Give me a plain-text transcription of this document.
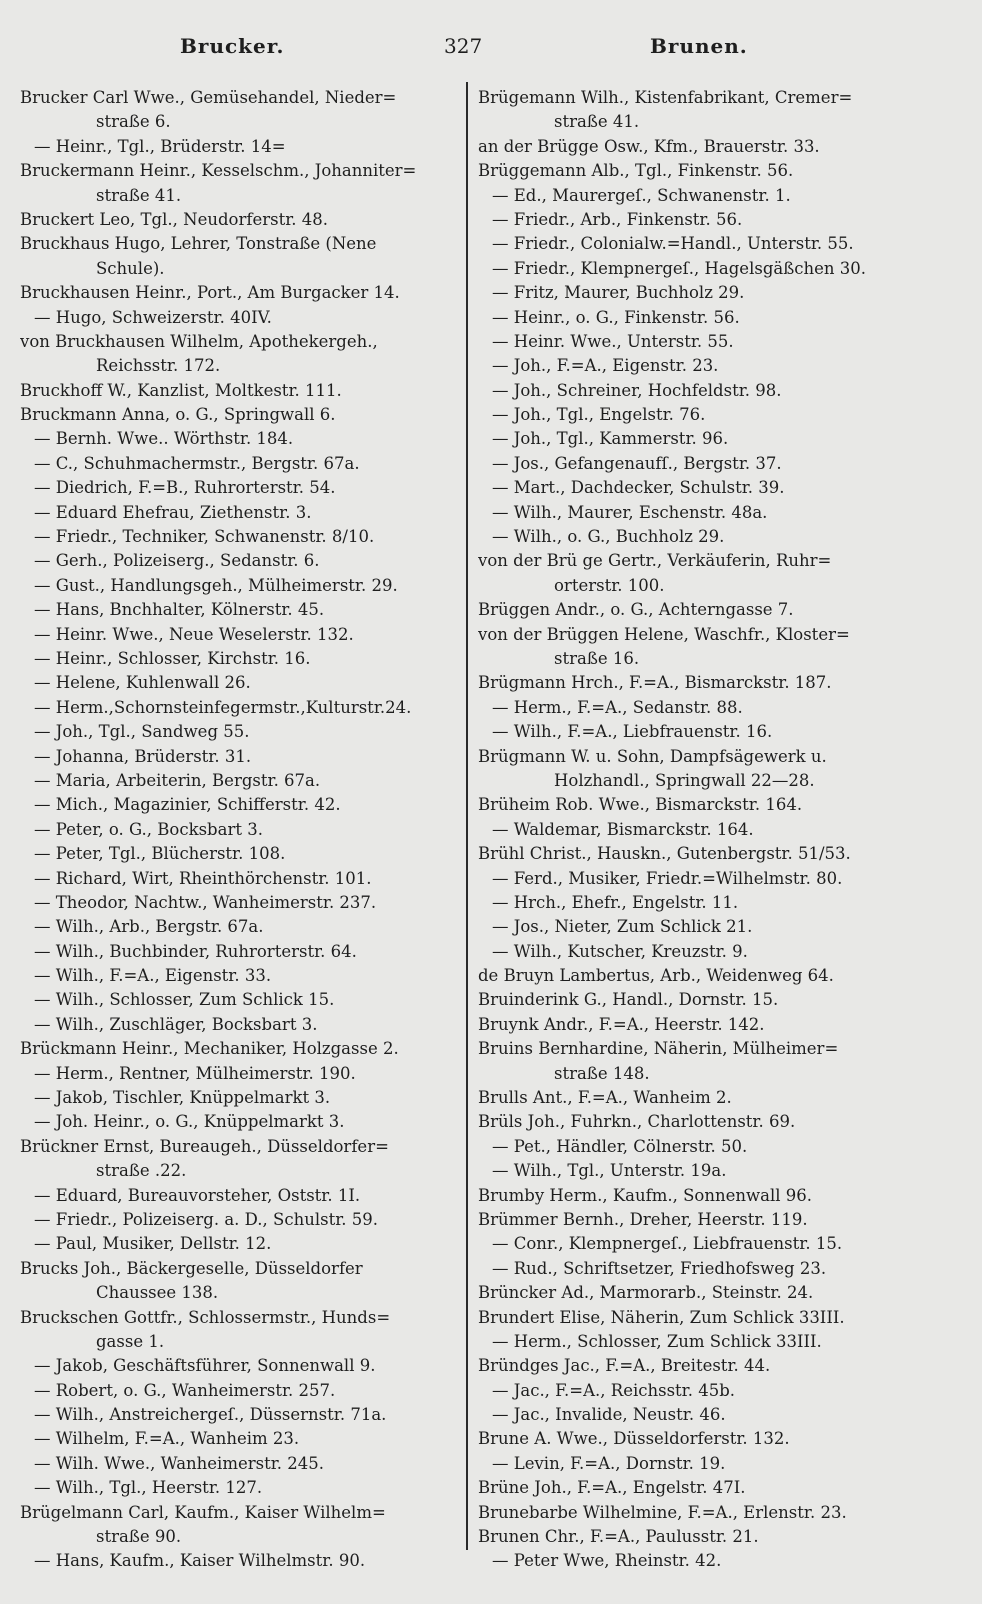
Brucker.	327	Brunen.
Brucker Carl Wwe., Gemüsehandel, Nieder=
straße 6.
— Heinr., Tgl., Brüderstr. 14=
Bruckermann Heinr., Kesselschm., Johanniter=
straße 41.
Bruckert Leo, Tgl., Neudorferstr. 48.
Bruckhaus Hugo, Lehrer, Tonstraße (Nene
Schule).
Bruckhausen Heinr., Port., Am Burgacker 14.
— Hugo, Schweizerstr. 40IV.
von Bruckhausen Wilhelm, Apothekergeh.,
Reichsstr. 172.
Bruckhoff W., Kanzlist, Moltkestr. 111.
Bruckmann Anna, o. G., Springwall 6.
— Bernh. Wwe.. Wörthstr. 184.
— C., Schuhmachermstr., Bergstr. 67a.
— Diedrich, F.=B., Ruhrorterstr. 54.
— Eduard Ehefrau, Ziethenstr. 3.
— Friedr., Techniker, Schwanenstr. 8/10.
— Gerh., Polizeiserg., Sedanstr. 6.
— Gust., Handlungsgeh., Mülheimerstr. 29.
— Hans, Bnchhalter, Kölnerstr. 45.
— Heinr. Wwe., Neue Weselerstr. 132.
— Heinr., Schlosser, Kirchstr. 16.
— Helene, Kuhlenwall 26.
— Herm.,Schornsteinfegermstr.,Kulturstr.24.
— Joh., Tgl., Sandweg 55.
— Johanna, Brüderstr. 31.
— Maria, Arbeiterin, Bergstr. 67a.
— Mich., Magazinier, Schifferstr. 42.
— Peter, o. G., Bocksbart 3.
— Peter, Tgl., Blücherstr. 108.
— Richard, Wirt, Rheinthörchenstr. 101.
— Theodor, Nachtw., Wanheimerstr. 237.
— Wilh., Arb., Bergstr. 67a.
— Wilh., Buchbinder, Ruhrorterstr. 64.
— Wilh., F.=A., Eigenstr. 33.
— Wilh., Schlosser, Zum Schlick 15.
— Wilh., Zuschläger, Bocksbart 3.
Brückmann Heinr., Mechaniker, Holzgasse 2.
— Herm., Rentner, Mülheimerstr. 190.
— Jakob, Tischler, Knüppelmarkt 3.
— Joh. Heinr., o. G., Knüppelmarkt 3.
Brückner Ernst, Bureaugeh., Düsseldorfer=
straße .22.
— Eduard, Bureauvorsteher, Oststr. 1I.
— Friedr., Polizeiserg. a. D., Schulstr. 59.
— Paul, Musiker, Dellstr. 12.
Brucks Joh., Bäckergeselle, Düsseldorfer
Chaussee 138.
Bruckschen Gottfr., Schlossermstr., Hunds=
gasse 1.
— Jakob, Geschäftsführer, Sonnenwall 9.
— Robert, o. G., Wanheimerstr. 257.
— Wilh., Anstreichergeſ., Düssernstr. 71a.
— Wilhelm, F.=A., Wanheim 23.
— Wilh. Wwe., Wanheimerstr. 245.
— Wilh., Tgl., Heerstr. 127.
Brügelmann Carl, Kaufm., Kaiser Wilhelm=
straße 90.
— Hans, Kaufm., Kaiser Wilhelmstr. 90.
Brügemann Wilh., Kistenfabrikant, Cremer=
straße 41.
an der Brügge Osw., Kfm., Brauerstr. 33.
Brüggemann Alb., Tgl., Finkenstr. 56.
— Ed., Maurergeſ., Schwanenstr. 1.
— Friedr., Arb., Finkenstr. 56.
— Friedr., Colonialw.=Handl., Unterstr. 55.
— Friedr., Klempnergeſ., Hagelsgäßchen 30.
— Fritz, Maurer, Buchholz 29.
— Heinr., o. G., Finkenstr. 56.
— Heinr. Wwe., Unterstr. 55.
— Joh., F.=A., Eigenstr. 23.
— Joh., Schreiner, Hochfeldstr. 98.
— Joh., Tgl., Engelstr. 76.
— Joh., Tgl., Kammerstr. 96.
— Jos., Gefangenaufſ., Bergstr. 37.
— Mart., Dachdecker, Schulstr. 39.
— Wilh., Maurer, Eschenstr. 48a.
— Wilh., o. G., Buchholz 29.
von der Brü ge Gertr., Verkäuferin, Ruhr=
orterstr. 100.
Brüggen Andr., o. G., Achterngasse 7.
von der Brüggen Helene, Waschfr., Kloster=
straße 16.
Brügmann Hrch., F.=A., Bismarckstr. 187.
— Herm., F.=A., Sedanstr. 88.
— Wilh., F.=A., Liebfrauenstr. 16.
Brügmann W. u. Sohn, Dampfsägewerk u.
Holzhandl., Springwall 22—28.
Brüheim Rob. Wwe., Bismarckstr. 164.
— Waldemar, Bismarckstr. 164.
Brühl Christ., Hauskn., Gutenbergstr. 51/53.
— Ferd., Musiker, Friedr.=Wilhelmstr. 80.
— Hrch., Ehefr., Engelstr. 11.
— Jos., Nieter, Zum Schlick 21.
— Wilh., Kutscher, Kreuzstr. 9.
de Bruyn Lambertus, Arb., Weidenweg 64.
Bruinderink G., Handl., Dornstr. 15.
Bruynk Andr., F.=A., Heerstr. 142.
Bruins Bernhardine, Näherin, Mülheimer=
straße 148.
Brulls Ant., F.=A., Wanheim 2.
Brüls Joh., Fuhrkn., Charlottenstr. 69.
— Pet., Händler, Cölnerstr. 50.
— Wilh., Tgl., Unterstr. 19a.
Brumby Herm., Kaufm., Sonnenwall 96.
Brümmer Bernh., Dreher, Heerstr. 119.
— Conr., Klempnergeſ., Liebfrauenstr. 15.
— Rud., Schriftsetzer, Friedhofsweg 23.
Brüncker Ad., Marmorarb., Steinstr. 24.
Brundert Elise, Näherin, Zum Schlick 33III.
— Herm., Schlosser, Zum Schlick 33III.
Bründges Jac., F.=A., Breitestr. 44.
— Jac., F.=A., Reichsstr. 45b.
— Jac., Invalide, Neustr. 46.
Brune A. Wwe., Düsseldorferstr. 132.
— Levin, F.=A., Dornstr. 19.
Brüne Joh., F.=A., Engelstr. 47I.
Brunebarbe Wilhelmine, F.=A., Erlenstr. 23.
Brunen Chr., F.=A., Paulusstr. 21.
— Peter Wwe, Rheinstr. 42.
